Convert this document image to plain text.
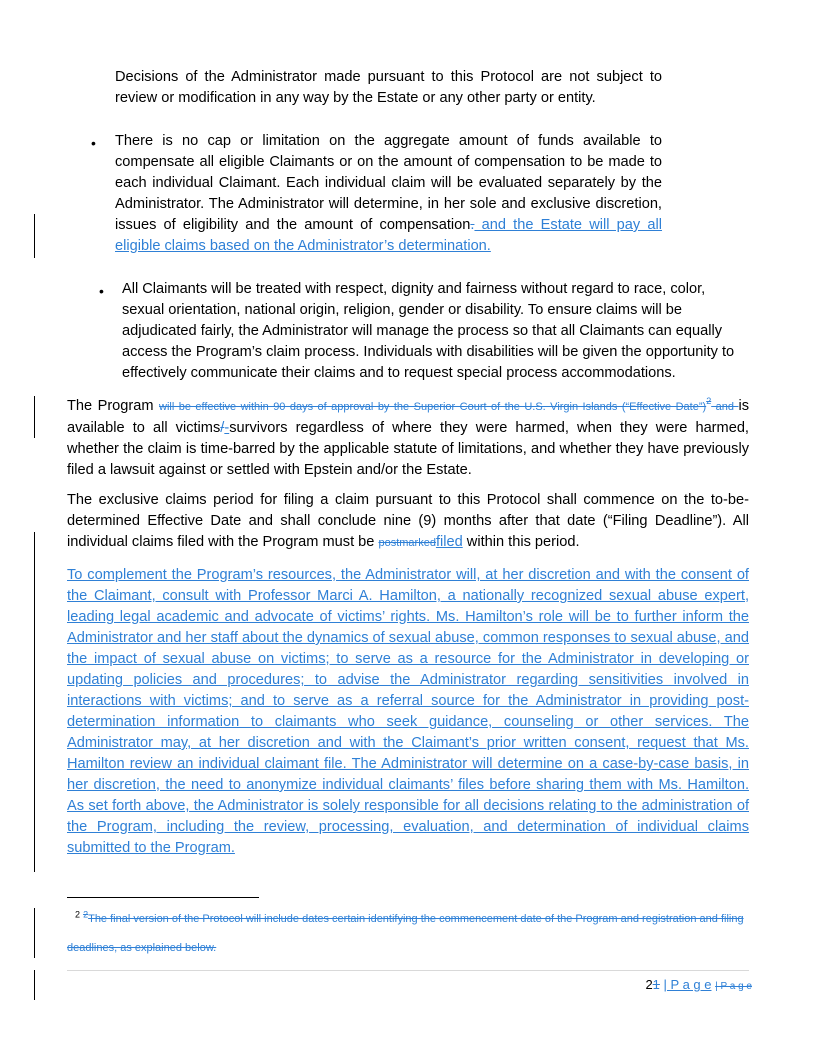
Decisions of the Administrator made pursuant to this Protocol are not subject to review or modification in any way by the Estate or any other party or entity.

• There is no cap or limitation on the aggregate amount of funds available to compensate all eligible Claimants or on the amount of compensation to be made to each individual Claimant. Each individual claim will be evaluated separately by the Administrator. The Administrator will determine, in her sole and exclusive discretion, issues of eligibility and the amount of compensation. and the Estate will pay all eligible claims based on the Administrator’s determination.

• All Claimants will be treated with respect, dignity and fairness without regard to race, color, sexual orientation, national origin, religion, gender or disability. To ensure claims will be adjudicated fairly, the Administrator will manage the process so that all Claimants can equally access the Program’s claim process. Individuals with disabilities will be given the opportunity to effectively communicate their claims and to request special process accommodations.

The Program will be effective within 90 days of approval by the Superior Court of the U.S. Virgin Islands (“Effective Date”)$^2$ and is available to all victims/-survivors regardless of where they were harmed, when they were harmed, whether the claim is time-barred by the applicable statute of limitations, and whether they have previously filed a lawsuit against or settled with Epstein and/or the Estate.

The exclusive claims period for filing a claim pursuant to this Protocol shall commence on the to-be-determined Effective Date and shall conclude nine (9) months after that date (“Filing Deadline”). All individual claims filed with the Program must be postmarkedfiled within this period.

To complement the Program’s resources, the Administrator will, at her discretion and with the consent of the Claimant, consult with Professor Marci A. Hamilton, a nationally recognized sexual abuse expert, leading legal academic and advocate of victims’ rights. Ms. Hamilton’s role will be to further inform the Administrator and her staff about the dynamics of sexual abuse, common responses to sexual abuse, and the impact of sexual abuse on victims; to serve as a resource for the Administrator in developing or updating policies and procedures; to advise the Administrator regarding sensitivities involved in interactions with victims; and to serve as a referral source for the Administrator in providing post-determination information to claimants who seek guidance, counseling or other services. The Administrator may, at her discretion and with the Claimant’s prior written consent, request that Ms. Hamilton review an individual claimant file. The Administrator will determine on a case-by-case basis, in her discretion, the need to anonymize individual claimants’ files before sharing them with Ms. Hamilton. As set forth above, the Administrator is solely responsible for all decisions relating to the administration of the Program, including the review, processing, evaluation, and determination of individual claims submitted to the Program.

$^2$ $^2$The final version of the Protocol will include dates certain identifying the commencement date of the Program and registration and filing deadlines, as explained below.

21 | P a g e | P a g e
